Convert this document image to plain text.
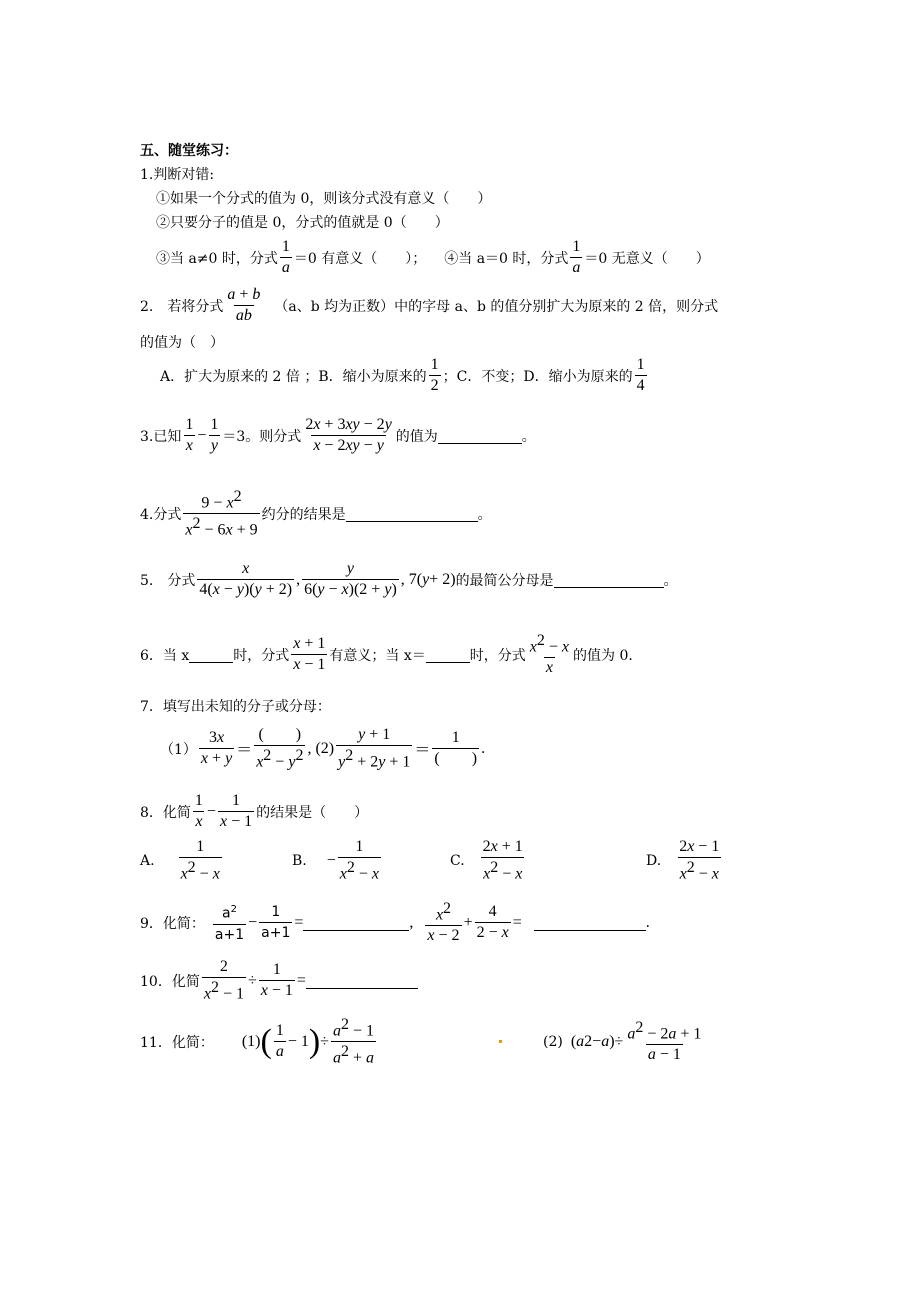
五、随堂练习：
1.判断对错:
①如果一个分式的值为 0，则该分式没有意义（　　）
②只要分子的值是 0，分式的值就是 0（　　）
③当 a≠0 时，分式 $\frac{1}{a} =0$ 有意义（　　）； ④当 a＝0 时，分式 $\frac{1}{a} =0$ 无意义（　　）
2.　若将分式 $\frac{a + b}{ab} (a$、b 均为正数）中的字母 a、b 的值分别扩大为原来的 2 倍，则分式
的值为（　）
A．扩大为原来的 2 倍 ；B．缩小为原来的 $\frac{1}{2}$ ；C．不变；D．缩小为原来的 $\frac{1}{4}$
3.已知 $\frac{1}{x} - \frac{1}{y} =3$。则分式 $\frac{2x + 3xy - 2y}{x - 2xy - y}$ 的值为	。
4.分式 $\frac{9 - x^2}{x^2 - 6x + 9}$ 约分的结果是	。
5.　分式 $\frac{x}{4(x - y)(y + 2)}$ , $\frac{y}{6(y - x)(2 + y)}$ , 7( y + 2) 的最简公分母是	。
6．当 x	时，分式 $\frac{x + 1}{x - 1}$ 有意义；当 x＝	时，分式 $\frac{x^2 - x}{x}$ 的值为 0.
7．填写出未知的分子或分母：
$(1) \frac{3x}{x + y} = \frac{( )}{x^2 - y^2}$ , $(2) \frac{y + 1}{y^2 + 2y + 1} = \frac{1}{( )}$ .
8．化简 $\frac{1}{x} - \frac{1}{x - 1}$ 的结果是（　　）
A. $\frac{1}{x^2 - x}$	B. − $\frac{1}{x^2 - x}$	C. $\frac{2x + 1}{x^2 - x}$	D. $\frac{2x - 1}{x^2 - x}$
9．化简： $\frac{a^2}{a+1} - \frac{1}{a+1}$ =	, $\frac{x^2}{x - 2} + \frac{4}{2 - x}$ =	.
10．化简 $\frac{2}{x^2 - 1} \div \frac{1}{x - 1}$ =
11．化简： (1) ( $\frac{1}{a} - 1$ ) ÷ $\frac{a^2 - 1}{a^2 + a}$	(2) ( a 2 − a ) ÷ $\frac{a^2 - 2a + 1}{a - 1}$
